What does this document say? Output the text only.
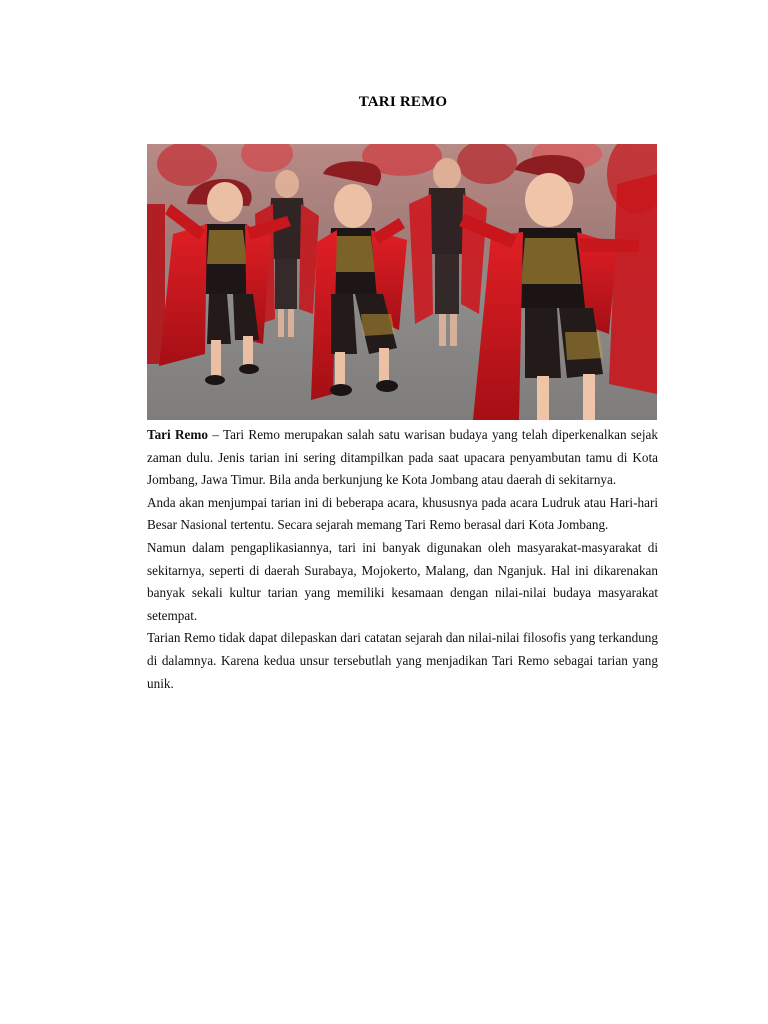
TARI REMO

Tari Remo – Tari Remo merupakan salah satu warisan budaya yang telah diperkenalkan sejak zaman dulu. Jenis tarian ini sering ditampilkan pada saat upacara penyambutan tamu di Kota Jombang, Jawa Timur. Bila anda berkunjung ke Kota Jombang atau daerah di sekitarnya.

Anda akan menjumpai tarian ini di beberapa acara, khususnya pada acara Ludruk atau Hari-hari Besar Nasional tertentu. Secara sejarah memang Tari Remo berasal dari Kota Jombang.

Namun dalam pengaplikasiannya, tari ini banyak digunakan oleh masyarakat-masyarakat di sekitarnya, seperti di daerah Surabaya, Mojokerto, Malang, dan Nganjuk. Hal ini dikarenakan banyak sekali kultur tarian yang memiliki kesamaan dengan nilai-nilai budaya masyarakat setempat.

Tarian Remo tidak dapat dilepaskan dari catatan sejarah dan nilai-nilai filosofis yang terkandung di dalamnya. Karena kedua unsur tersebutlah yang menjadikan Tari Remo sebagai tarian yang unik.
